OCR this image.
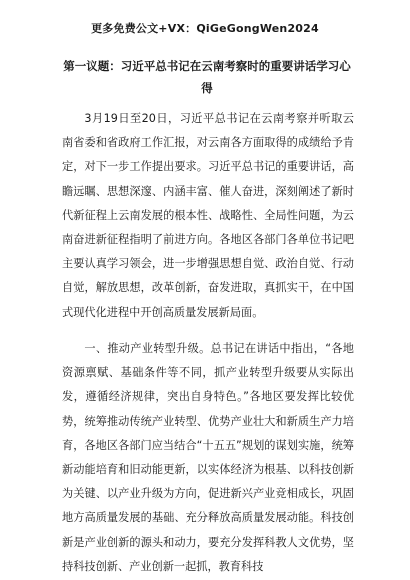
更多免费公文+VX：QiGeGongWen2024
第一议题：习近平总书记在云南考察时的重要讲话学习心得

3月19日至20日，习近平总书记在云南考察并听取云南省委和省政府工作汇报，对云南各方面取得的成绩给予肯定，对下一步工作提出要求。习近平总书记的重要讲话，高瞻远瞩、思想深邃、内涵丰富、催人奋进，深刻阐述了新时代新征程上云南发展的根本性、战略性、全局性问题，为云南奋进新征程指明了前进方向。各地区各部门各单位书记吧主要认真学习领会，进一步增强思想自觉、政治自觉、行动自觉，解放思想，改革创新，奋发进取，真抓实干，在中国式现代化进程中开创高质量发展新局面。

一、推动产业转型升级。总书记在讲话中指出，“各地资源禀赋、基础条件等不同，抓产业转型升级要从实际出发，遵循经济规律，突出自身特色。”各地区要发挥比较优势，统筹推动传统产业转型、优势产业壮大和新质生产力培育，各地区各部门应当结合“十五五”规划的谋划实施，统筹新动能培育和旧动能更新，以实体经济为根基、以科技创新为关键、以产业升级为方向，促进新兴产业竞相成长，巩固地方高质量发展的基础、充分释放高质量发展动能。科技创新是产业创新的源头和动力，要充分发挥科教人文优势，坚持科技创新、产业创新一起抓，教育科技
